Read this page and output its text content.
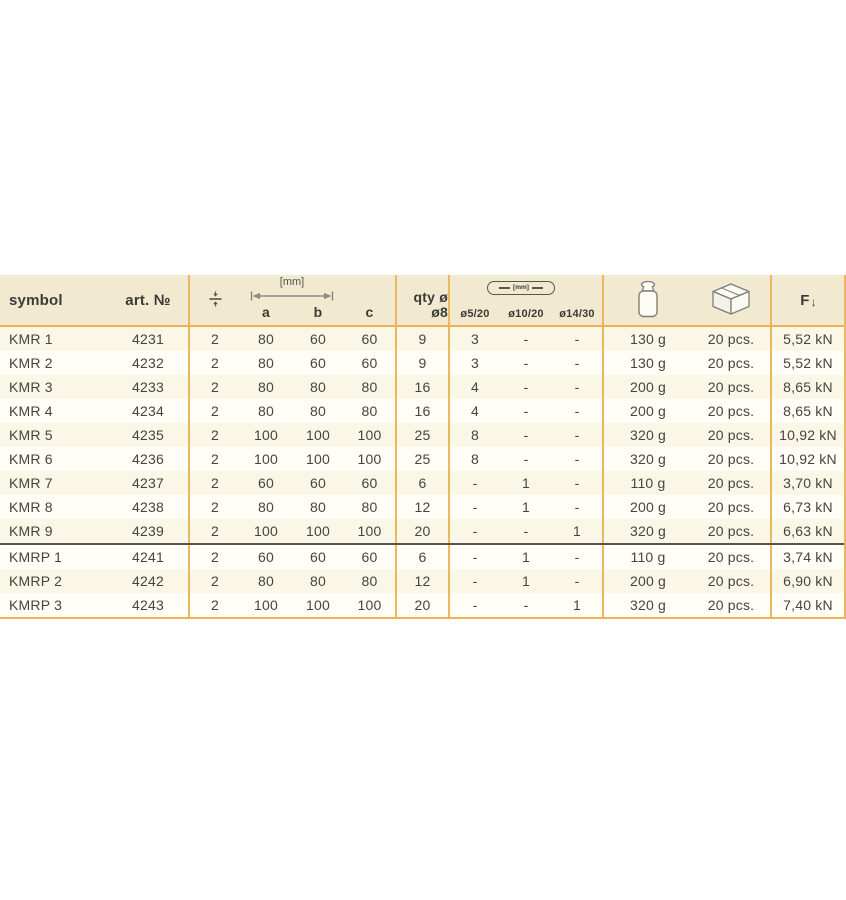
symbol	art. №
a	b	c
qty ø
ø8	ø5/20	ø10/20	ø14/30
F ↓
[mm]	[mm]
KMR 1	4231	2	80	60	60	9	3	-	-	130 g	20 pcs.	5,52 kN
KMR 2	4232	2	80	60	60	9	3	-	-	130 g	20 pcs.	5,52 kN
KMR 3	4233	2	80	80	80	16	4	-	-	200 g	20 pcs.	8,65 kN
KMR 4	4234	2	80	80	80	16	4	-	-	200 g	20 pcs.	8,65 kN
KMR 5	4235	2	100	100	100	25	8	-	-	320 g	20 pcs.	10,92 kN
KMR 6	4236	2	100	100	100	25	8	-	-	320 g	20 pcs.	10,92 kN
KMR 7	4237	2	60	60	60	6	-	1	-	110 g	20 pcs.	3,70 kN
KMR 8	4238	2	80	80	80	12	-	1	-	200 g	20 pcs.	6,73 kN
KMR 9	4239	2	100	100	100	20	-	-	1	320 g	20 pcs.	6,63 kN
KMRP 1	4241	2	60	60	60	6	-	1	-	110 g	20 pcs.	3,74 kN
KMRP 2	4242	2	80	80	80	12	-	1	-	200 g	20 pcs.	6,90 kN
KMRP 3	4243	2	100	100	100	20	-	-	1	320 g	20 pcs.	7,40 kN
